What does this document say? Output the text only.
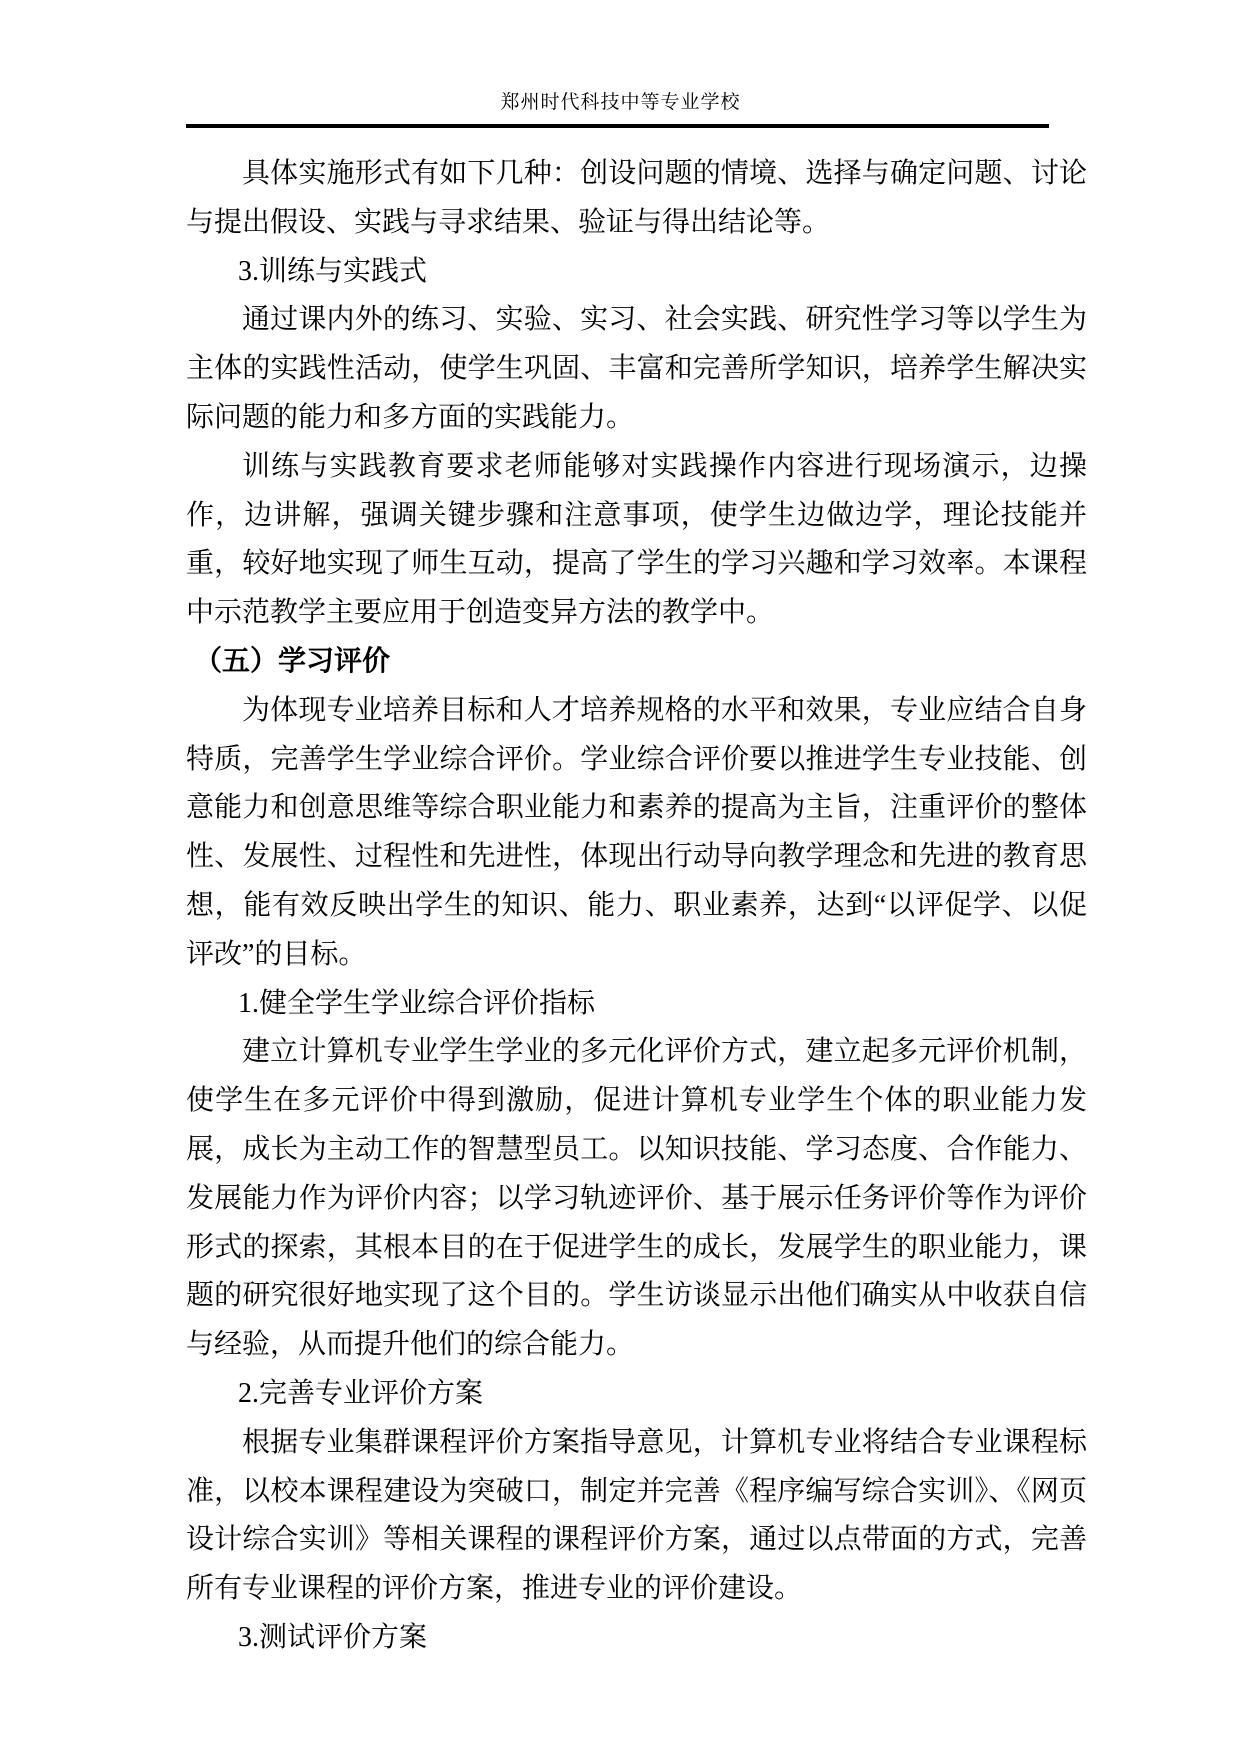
郑州时代科技中等专业学校

具体实施形式有如下几种：创设问题的情境、选择与确定问题、讨论与提出假设、实践与寻求结果、验证与得出结论等。

3.训练与实践式

通过课内外的练习、实验、实习、社会实践、研究性学习等以学生为主体的实践性活动，使学生巩固、丰富和完善所学知识，培养学生解决实际问题的能力和多方面的实践能力。

训练与实践教育要求老师能够对实践操作内容进行现场演示，边操作，边讲解，强调关键步骤和注意事项，使学生边做边学，理论技能并重，较好地实现了师生互动，提高了学生的学习兴趣和学习效率。本课程中示范教学主要应用于创造变异方法的教学中。

（五）学习评价

为体现专业培养目标和人才培养规格的水平和效果，专业应结合自身特质，完善学生学业综合评价。学业综合评价要以推进学生专业技能、创意能力和创意思维等综合职业能力和素养的提高为主旨，注重评价的整体性、发展性、过程性和先进性，体现出行动导向教学理念和先进的教育思想，能有效反映出学生的知识、能力、职业素养，达到“以评促学、以促评改”的目标。

1.健全学生学业综合评价指标

建立计算机专业学生学业的多元化评价方式，建立起多元评价机制，使学生在多元评价中得到激励，促进计算机专业学生个体的职业能力发展，成长为主动工作的智慧型员工。以知识技能、学习态度、合作能力、发展能力作为评价内容；以学习轨迹评价、基于展示任务评价等作为评价形式的探索，其根本目的在于促进学生的成长，发展学生的职业能力，课题的研究很好地实现了这个目的。学生访谈显示出他们确实从中收获自信与经验，从而提升他们的综合能力。

2.完善专业评价方案

根据专业集群课程评价方案指导意见，计算机专业将结合专业课程标准，以校本课程建设为突破口，制定并完善《程序编写综合实训》、《网页设计综合实训》等相关课程的课程评价方案，通过以点带面的方式，完善所有专业课程的评价方案，推进专业的评价建设。

3.测试评价方案
